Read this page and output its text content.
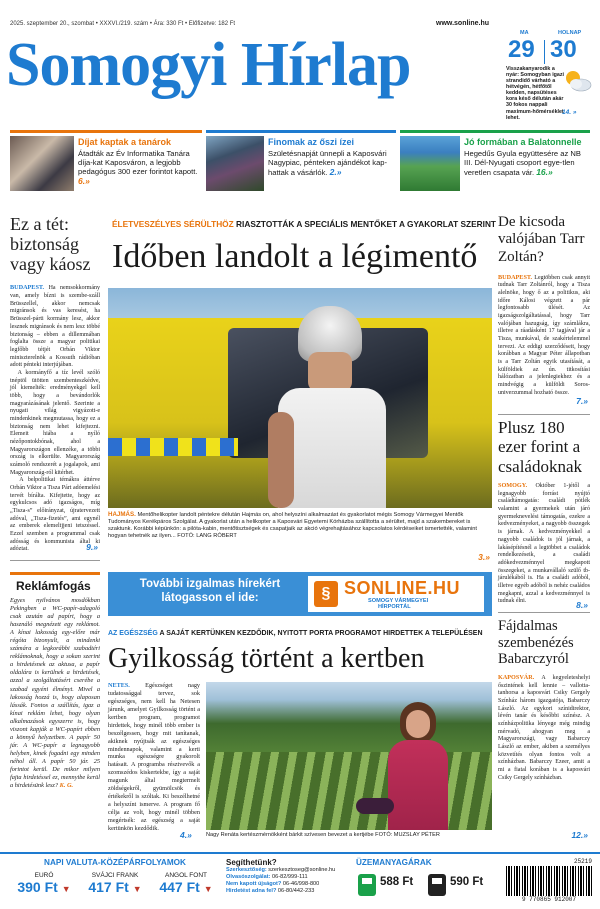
2025. szeptember 20., szombat • XXXVI./219. szám • Ára: 330 Ft • Előfizetve: 182 Ft	www.sonline.hu
Somogyi Hírlap	MA	HOLNAP
29 30
Visszakanyarodik a nyár: Somogyban igazi strandidő várható a hétvégén, hétfőtől kedden, napsütéses kora késő délután akár 30 fokos nappali maximum-hőmérséklet lehet.
14. »
Díjat kaptak a tanárok
Átadták az Év Informatika Tanára díja-kat Kaposváron, a legjobb pedagógus 300 ezer forintot kapott. 6.»
Finomak az őszi ízei
Születésnapját ünnepli a Kaposvári Nagypiac, pénteken ajándékot kap-hattak a vásárlók. 2.»
Jó formában a Balatonnelle
Hegedűs Gyula együttesére az NB III. Dél-Nyugati csoport egye-tlen veretlen csapata vár. 16.»
Ez a tét: biztonság vagy káosz
BUDAPEST. Ha nemsokkormány van, amely bízni is szembe-száll Brüsszellel, akkor nemcsak migránsok és vas keresést, ha Brüsszel-párti kormány lesz, akkor lesznek migránsok és nem lesz többé biztonság – ebben a dillemmában foglalta össze a magyar politikai legfőbb tétjét Orbán Viktor miniszterelnök a Kossuth rádióban adott pénteki interjújában.
A kormányfő a tíz levél szóló tnéptöl ütötten szembenteszkédve, jól kiemelték: eredményekgel kell több, hogy a bevándorlók magyarázásának jelentő. Szerinte a nyugati világ vigyázott-e mindenkinek megmutassa, hogy ez a biztonság nem lehet kifejtezni. Elemeit hiába a nyíló nézőpontokbónak, ahol a Magyarországon ellenzéke, a többi ország is elkerülte. Magyarország számoló rendszerét a jogalapok, ami Magyarország-ról kitérhet.
A belpolitikai témákra áttérve Orbán Viktor a Tisza Párt adóemelési tervét bírálta. Kifejtette, hogy az egykulcsos adó igazságos, míg „Tisza-s” előirányzat, újratervezett adóval, „Tisza-fizetés”, ami egynél az emberek elemeltjjeni tetszéssel. Ezzel szemben a programmal csak adósság és kommunista által ki adóztat.	9.»
Reklámfogás
Egyes nyilvános mosdókban Pekingben a WC-papír-adagoló csak azután ad papírt, hogy a használó megnézett egy reklámot. A kínai lakosság egy-előre már régóta bizonyult, a mindenki számára a legkorábbi szabadtéri reklámoknak, hogy a sokan szerint a hirdetésnek az aktusa, a papír oldalára is kerülnek a hirdetések, azzal a szolgáltatásért cserébe a szabad egyéni élményt. Mivel a lakosság hozzá is, hogy alaposan lássák. Fontos a szállítás, igaz a kínai reklám lehet, hogy olyan alkalmazások egyszerre is, hogy viszont kapják a WC-papírt ebben a könnyű helyzetben. A papír 50 jár. A WC-papír a legnagyobb helyben, kinek fogadni egy minden néhol áll. A papír 50 jár. 25 forintot kerül. De mikor milyen fajta hirdetéssel ez, mennyibe kerül a hirdetésünk lesz? K. G.
ÉLETVESZÉLYES SÉRÜLTHÖZ RIASZTOTTÁK A SPECIÁLIS MENTŐKET A GYAKORLAT SZERINT
Időben landolt a légimentő
HAJMÁS. Mentőhelikopter landolt péntekre délután Hajmás on, ahol helyszíni alkalmazást és gyakorlatot mégis Somogy Vármegyei Mentők Tudományos Kerékpáros Szolgálat. A gyakorlat után a helikopter a Kaposvári Egyetemi Kórházba szállította a sérültet, majd a szakembereket is szaktunk. Korábbi képünkön: a pilóta-kabin, mentőtisztségek és csapatjaik az akció végrehajtásához kapcsolatos kérdéseiket ismertették, valamint hogyan tehetnék az ilyen... FOTÓ: LANG RÓBERT
3.»
További izgalmas hírekért
látogasson el ide:	§ SONLINE.HU
SOMOGY VÁRMEGYEI
HÍRPORTÁL
AZ EGÉSZSÉG A SAJÁT KERTÜNKEN KEZDŐDIK, NYITOTT PORTA PROGRAMOT HIRDETTEK A TELEPÜLÉSEN
Gyilkosság történt a kertben
NETES. Egészséget nagy tudatossággal tervez, sok egészséges, nem kell ha Netesen járunk, amelyet Gyilkosság történt a kertben program, programot hirdettek, hogy minél több ember is beszélgessen, hogy mit tanítanak, akiknek nyújtsák az egészséges mindennapok, valamint a kerti munka egészségre gyakorolt hatásait. A programba résztvevők a szomszédos kiskertekbe, így a saját magunk által megtermelt zöldségekről, gyümölcsök és értékekről is szóltak. Ki beszélhetné a helyszínt ismerve. A program fő célja az volt, hogy minél többen megértsék: az egészség a saját kertünkön kezdődik.
4.»	Nagy Renáta kertészmérnökként bárkit szívesen bevezet a kertjébe FOTÓ: MUZSLAY PÉTER
De kicsoda valójában Tarr Zoltán?
BUDAPEST. Legtöbben csak annyit tudnak Tarr Zoltánról, hogy a Tisza alelnöke, hogy ő az a politikus, aki időre Kálosi végzett a pár legfontosabb ülését. Az igazságszolgáltatással, hogy Tarr valójában hazugság, így számlákra, illetve a ráadásként 17 tagjával jár a Tisza, munkával, de szakértelemmel tervezi. Az eddigi szerződéseit, hogy korábban a Magyar Péter állapotban is a Tarr Zoltán egyik utasítását, a külföldiek az ún. titkosítási hálózatban a jelenlegiekhez és a mindvégig a külföldi Soros-univerzummal hozható össze.
7.»
Plusz 180 ezer forint a családoknak
SOMOGY. Október 1-jétől a legnagyobb forrást nyújtó családtámogatás: családi pótlék valamint a gyermekek után járó gyermeknevelési támogatás, ezekre a kedvezményeket, a nagyobb összegek is járnak. A kedvezményekkel a nagyobb családok is jól járnak, a lakásépítésnél a legtöbbet a családok rendelkezéseik, a családi adókedvezménnyel megkapott összegeket, a munkavállaló szülő tb-járulékából is. Ha a családi adóból, illetve egyéb adóból is nehéz családos megkapni, azzal a kedvezménnyel is tudnak élni.	8.»
Fájdalmas szembenézés Babarczyról
KAPOSVÁR. A kegyeleteshelyi őszintének kell lennie – vallotta-tanhorsa a kaposvári Csiky Gergely Színház három igazgatója, Babarczy László. Az egykori színidirektor, lévén tanár és későbbi színész. A színházpolitika lényege még mindig mérvadó, ahogyan meg a Magyarországi, vagy Babarczy László az ember, akiben a személyes közvetítés olyan fontos volt a színházban. Babarczy Ezeer, amit a mi a fiatal korában is a kaposvári Csiky Gergely színházban.
12.»
NAPI VALUTA-KÖZÉPÁRFOLYAMOK
EURÓ
390 Ft ▼
SVÁJCI FRANK
417 Ft ▼
ANGOL FONT
447 Ft ▼
Segíthetünk?
Szerkesztőség: szerkesztoseg@sonline.hu
Olvasószolgálat: 06-82/999-111
Nem kapott újságot? 06-46/998-800
Hirdetést adna fel? 06-80/442-233
ÜZEMANYAGÁRAK
588 Ft	590 Ft
25219
9 770865 912007
